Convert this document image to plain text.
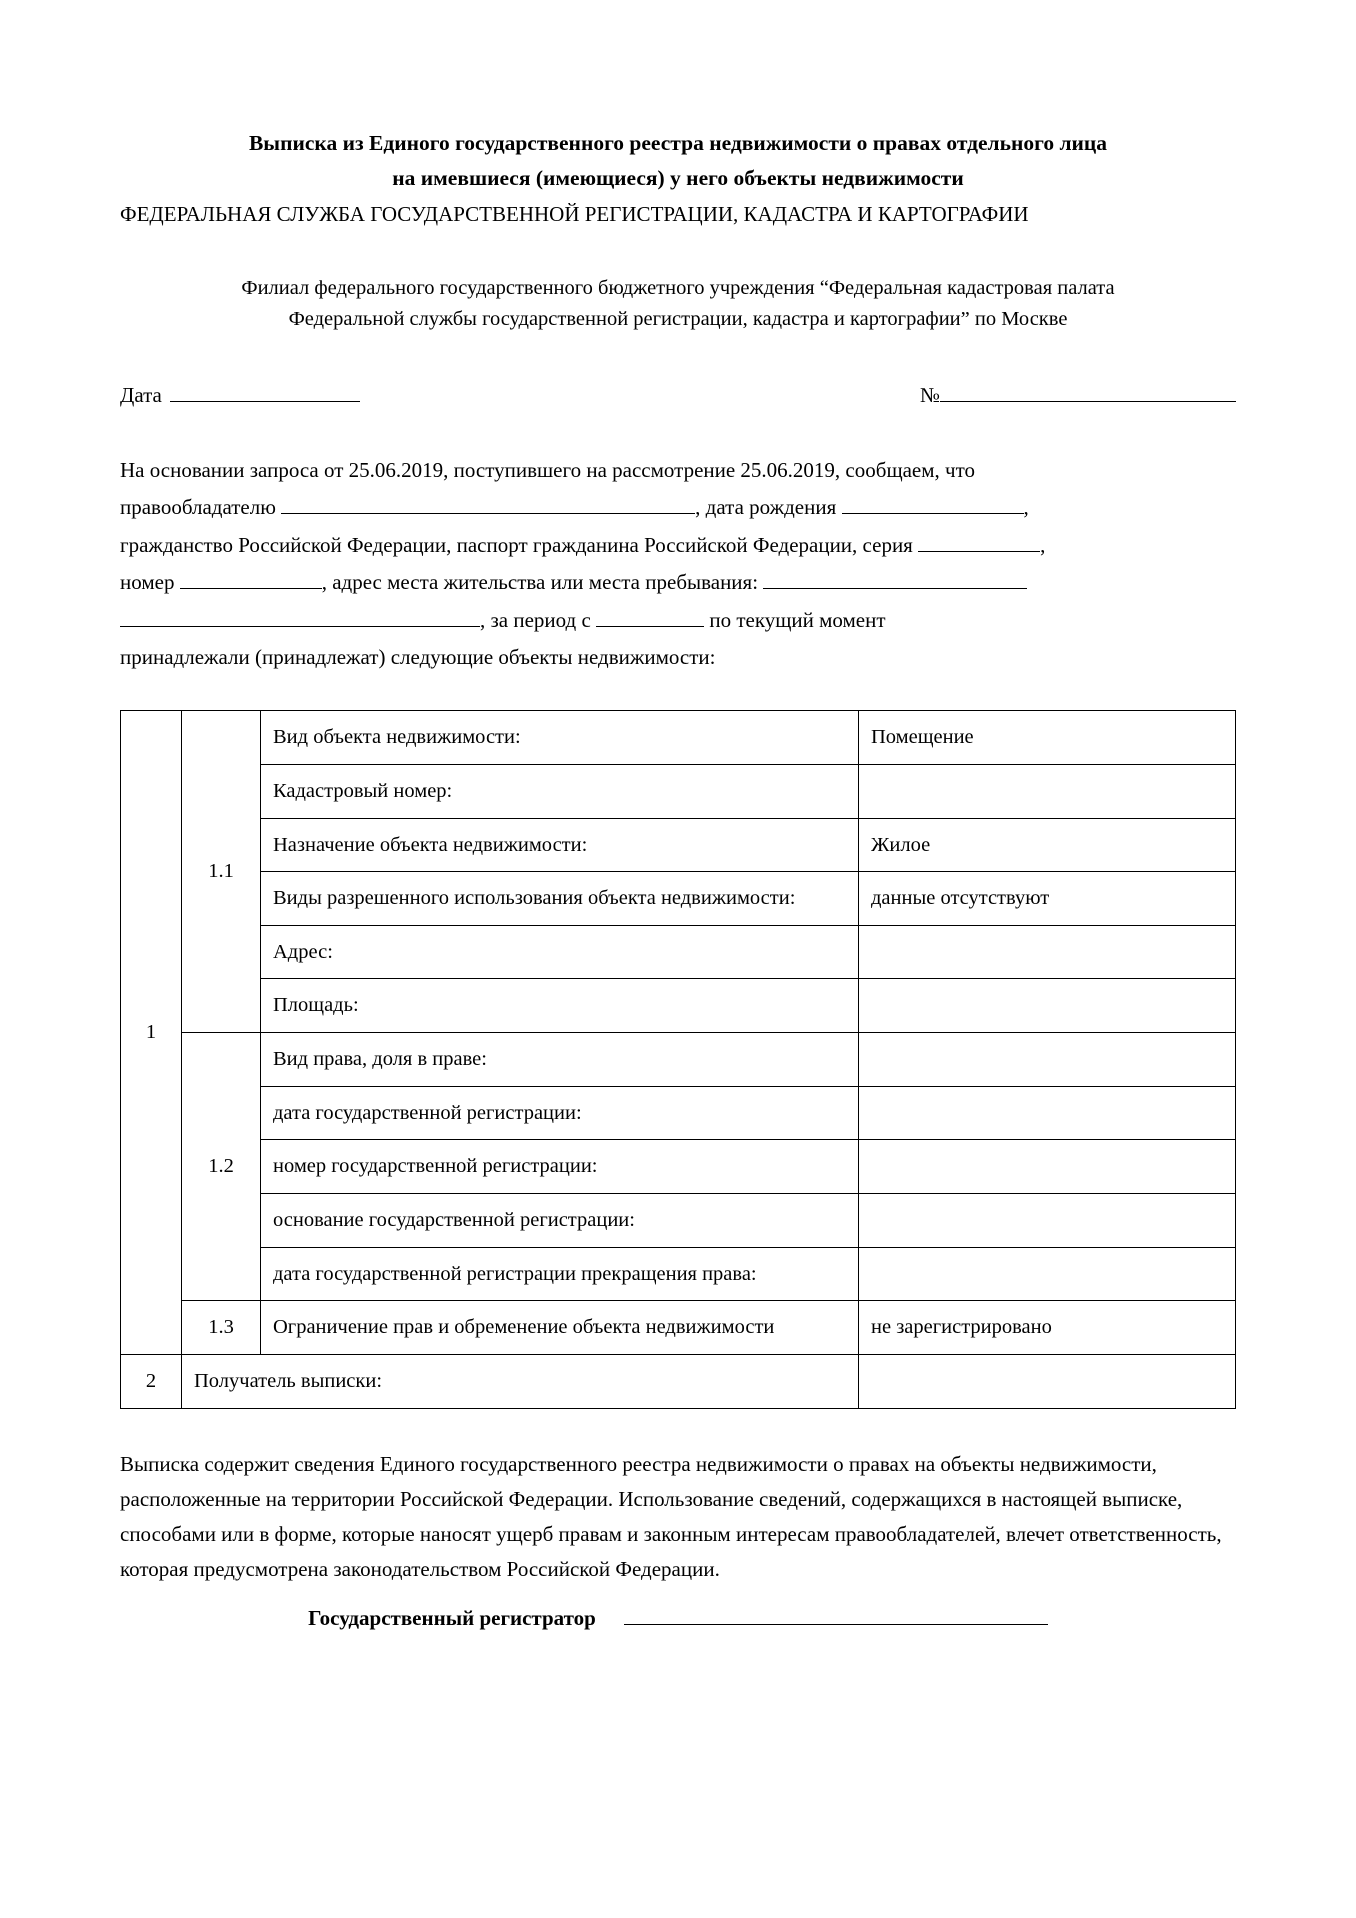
Выписка из Единого государственного реестра недвижимости о правах отдельного лица
на имевшиеся (имеющиеся) у него объекты недвижимости
ФЕДЕРАЛЬНАЯ СЛУЖБА ГОСУДАРСТВЕННОЙ РЕГИСТРАЦИИ, КАДАСТРА И КАРТОГРАФИИ
Филиал федерального государственного бюджетного учреждения “Федеральная кадастровая палата
Федеральной службы государственной регистрации, кадастра и картографии” по Москве
Дата	№

На основании запроса от 25.06.2019, поступившего на рассмотрение 25.06.2019, сообщаем, что

правообладателю	, дата рождения	,

гражданство Российской Федерации, паспорт гражданина Российской Федерации, серия	,

номер	, адрес места жительства или места пребывания:

, за период с	по текущий момент

принадлежали (принадлежат) следующие объекты недвижимости:

1	1.1	Вид объекта недвижимости:	Помещение
		Кадастровый номер:	
		Назначение объекта недвижимости:	Жилое
		Виды разрешенного использования объекта недвижимости:	данные отсутствуют
		Адрес:	
		Площадь:	
	1.2	Вид права, доля в праве:	
		дата государственной регистрации:	
		номер государственной регистрации:	
		основание государственной регистрации:	
		дата государственной регистрации прекращения права:	
	1.3	Ограничение прав и обременение объекта недвижимости	не зарегистрировано
2	Получатель выписки:		
Выписка содержит сведения Единого государственного реестра недвижимости о правах на объекты недвижимости, расположенные на территории Российской Федерации. Использование сведений, содержащихся в настоящей выписке, способами или в форме, которые наносят ущерб правам и законным интересам правообладателей, влечет ответственность, которая предусмотрена законодательством Российской Федерации.
Государственный регистратор
